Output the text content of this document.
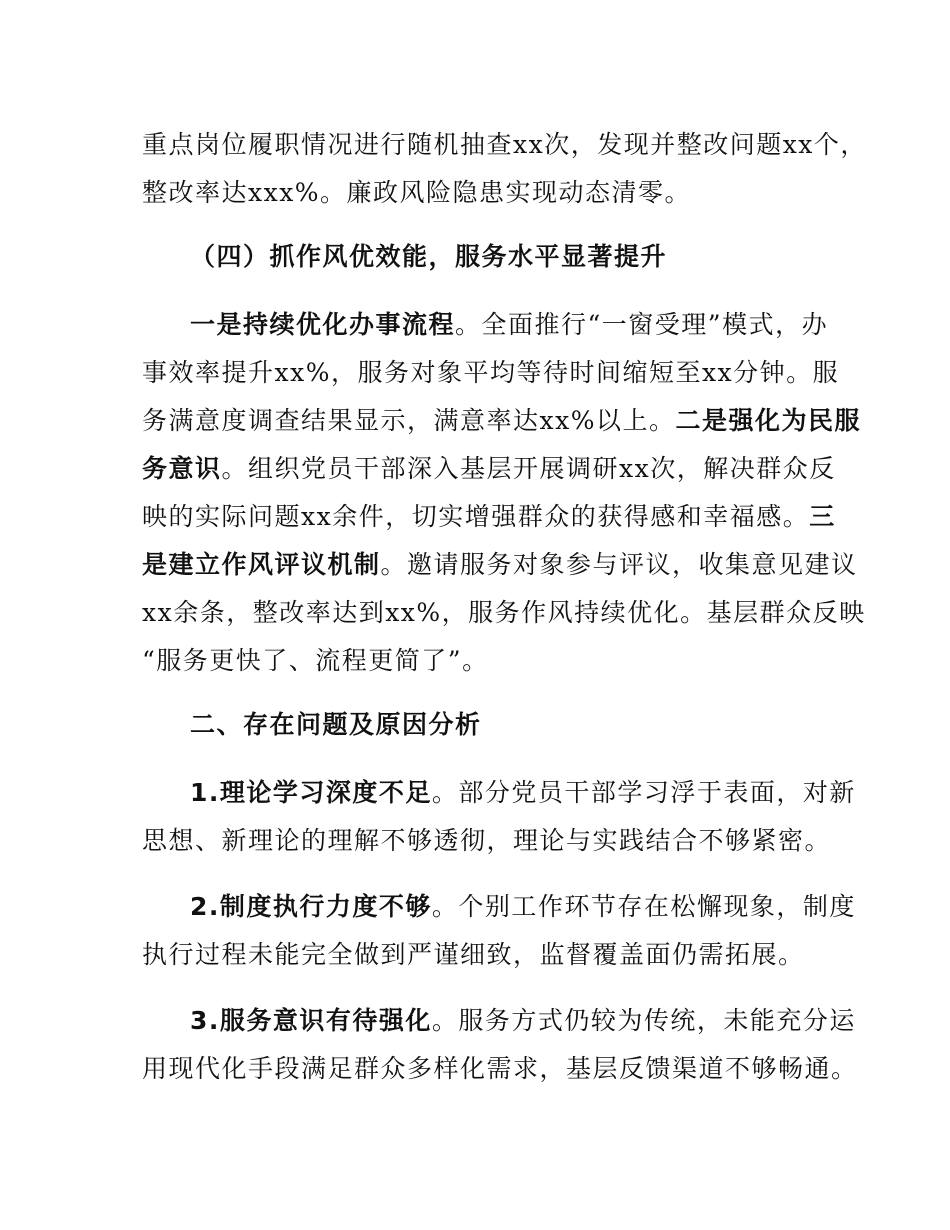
重点岗位履职情况进行随机抽查xx次，发现并整改问题xx个，
整改率达xxx%。廉政风险隐患实现动态清零。
（四）抓作风优效能，服务水平显著提升
一是持续优化办事流程。全面推行“一窗受理”模式，办
事效率提升xx%，服务对象平均等待时间缩短至xx分钟。服
务满意度调查结果显示，满意率达xx%以上。二是强化为民服
务意识。组织党员干部深入基层开展调研xx次，解决群众反
映的实际问题xx余件，切实增强群众的获得感和幸福感。三
是建立作风评议机制。邀请服务对象参与评议，收集意见建议
xx余条，整改率达到xx%，服务作风持续优化。基层群众反映
“服务更快了、流程更简了”。
二、存在问题及原因分析
1.理论学习深度不足。部分党员干部学习浮于表面，对新
思想、新理论的理解不够透彻，理论与实践结合不够紧密。
2.制度执行力度不够。个别工作环节存在松懈现象，制度
执行过程未能完全做到严谨细致，监督覆盖面仍需拓展。
3.服务意识有待强化。服务方式仍较为传统，未能充分运
用现代化手段满足群众多样化需求，基层反馈渠道不够畅通。
